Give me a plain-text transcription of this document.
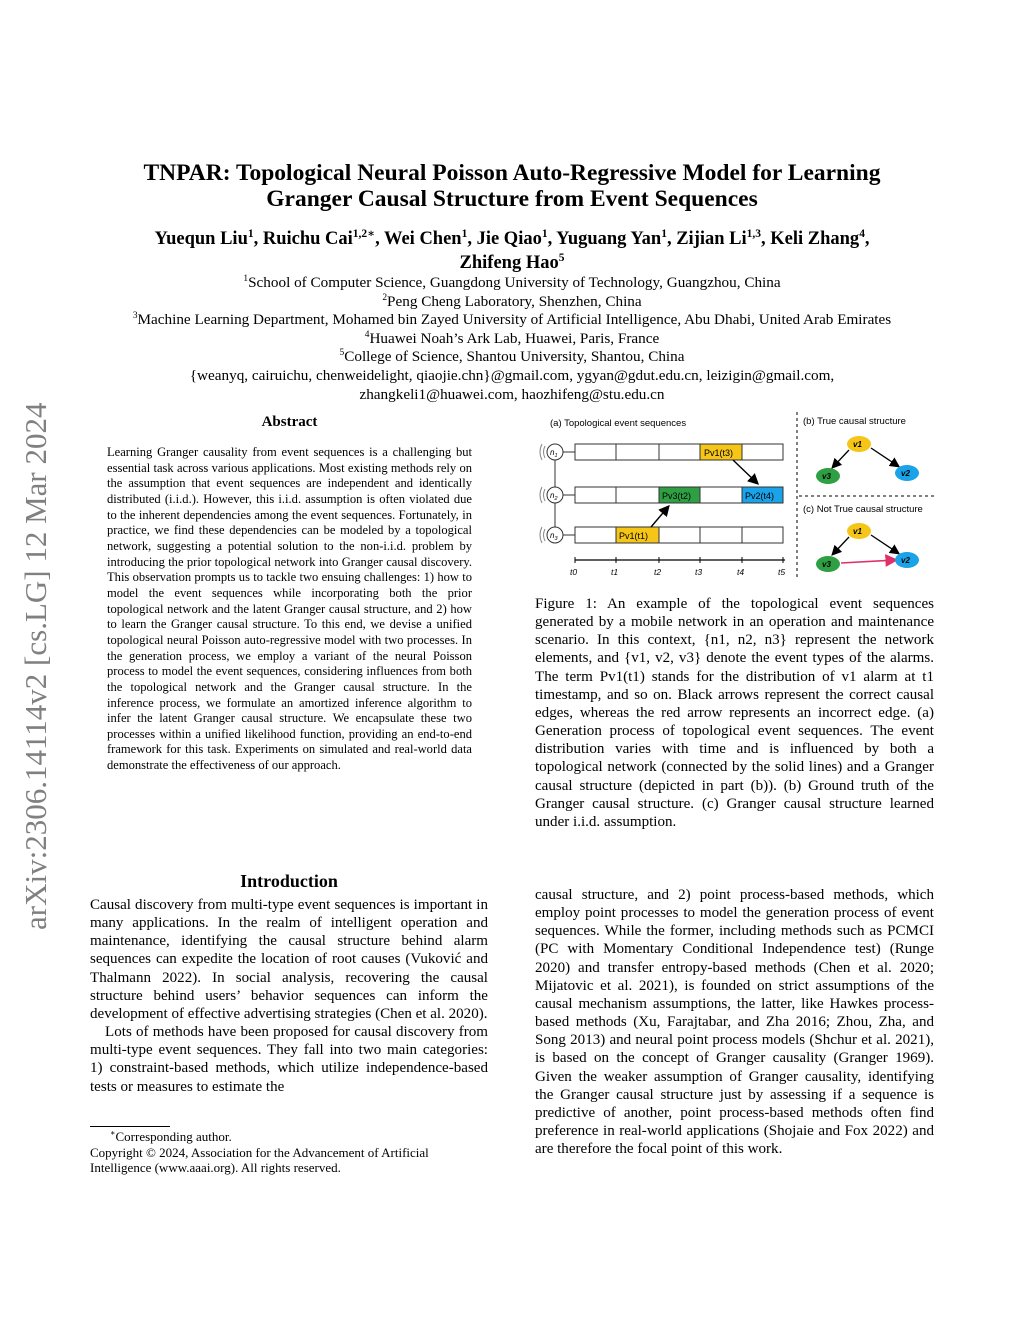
arXiv:2306.14114v2 [cs.LG] 12 Mar 2024
TNPAR: Topological Neural Poisson Auto-Regressive Model for Learning
Granger Causal Structure from Event Sequences
Yuequn Liu$^1$, Ruichu Cai$^{1,2∗}$, Wei Chen$^1$, Jie Qiao$^1$, Yuguang Yan$^1$, Zijian Li$^{1,3}$, Keli Zhang$^4$,
Zhifeng Hao$^5$
$^1$School of Computer Science, Guangdong University of Technology, Guangzhou, China
$^2$Peng Cheng Laboratory, Shenzhen, China
$^3$Machine Learning Department, Mohamed bin Zayed University of Artificial Intelligence, Abu Dhabi, United Arab Emirates
$^4$Huawei Noah’s Ark Lab, Huawei, Paris, France
$^5$College of Science, Shantou University, Shantou, China
{weanyq, cairuichu, chenweidelight, qiaojie.chn}@gmail.com, ygyan@gdut.edu.cn, leizigin@gmail.com,
zhangkeli1@huawei.com, haozhifeng@stu.edu.cn
Abstract
Learning Granger causality from event sequences is a challenging but essential task across various applications. Most existing methods rely on the assumption that event sequences are independent and identically distributed (i.i.d.). However, this i.i.d. assumption is often violated due to the inherent dependencies among the event sequences. Fortunately, in practice, we find these dependencies can be modeled by a topological network, suggesting a potential solution to the non-i.i.d. problem by introducing the prior topological network into Granger causal discovery. This observation prompts us to tackle two ensuing challenges: 1) how to model the event sequences while incorporating both the prior topological network and the latent Granger causal structure, and 2) how to learn the Granger causal structure. To this end, we devise a unified topological neural Poisson auto-regressive model with two processes. In the generation process, we employ a variant of the neural Poisson process to model the event sequences, considering influences from both the topological network and the Granger causal structure. In the inference process, we formulate an amortized inference algorithm to infer the latent Granger causal structure. We encapsulate these two processes within a unified likelihood function, providing an end-to-end framework for this task. Experiments on simulated and real-world data demonstrate the effectiveness of our approach.
Introduction

Causal discovery from multi-type event sequences is important in many applications. In the realm of intelligent operation and maintenance, identifying the causal structure behind alarm sequences can expedite the location of root causes (Vuković and Thalmann 2022). In social analysis, recovering the causal structure behind users’ behavior sequences can inform the development of effective advertising strategies (Chen et al. 2020).

Lots of methods have been proposed for causal discovery from multi-type event sequences. They fall into two main categories: 1) constraint-based methods, which utilize independence-based tests or measures to estimate the

∗Corresponding author.
Copyright © 2024, Association for the Advancement of Artificial Intelligence (www.aaai.org). All rights reserved.
(a) Topological event sequences	(b) True causal structure
(c) Not True causal structure
$n_1$
$n_2$
$n_3$
Pv1(t3)
Pv3(t2)	Pv2(t4)
Pv1(t1)
t0	t1	t2	t3	t4	t5
v1
v3	v2
v1
v3	v2
Figure 1: An example of the topological event sequences generated by a mobile network in an operation and maintenance scenario. In this context, {n1, n2, n3} represent the network elements, and {v1, v2, v3} denote the event types of the alarms. The term Pv1(t1) stands for the distribution of v1 alarm at t1 timestamp, and so on. Black arrows represent the correct causal edges, whereas the red arrow represents an incorrect edge. (a) Generation process of topological event sequences. The event distribution varies with time and is influenced by both a topological network (connected by the solid lines) and a Granger causal structure (depicted in part (b)). (b) Ground truth of the Granger causal structure. (c) Granger causal structure learned under i.i.d. assumption.

causal structure, and 2) point process-based methods, which employ point processes to model the generation process of event sequences. While the former, including methods such as PCMCI (PC with Momentary Conditional Independence test) (Runge 2020) and transfer entropy-based methods (Chen et al. 2020; Mijatovic et al. 2021), is founded on strict assumptions of the causal mechanism assumptions, the latter, like Hawkes process-based methods (Xu, Farajtabar, and Zha 2016; Zhou, Zha, and Song 2013) and neural point process models (Shchur et al. 2021), is based on the concept of Granger causality (Granger 1969). Given the weaker assumption of Granger causality, identifying the Granger causal structure just by assessing if a sequence is predictive of another, point process-based methods often find preference in real-world applications (Shojaie and Fox 2022) and are therefore the focal point of this work.
